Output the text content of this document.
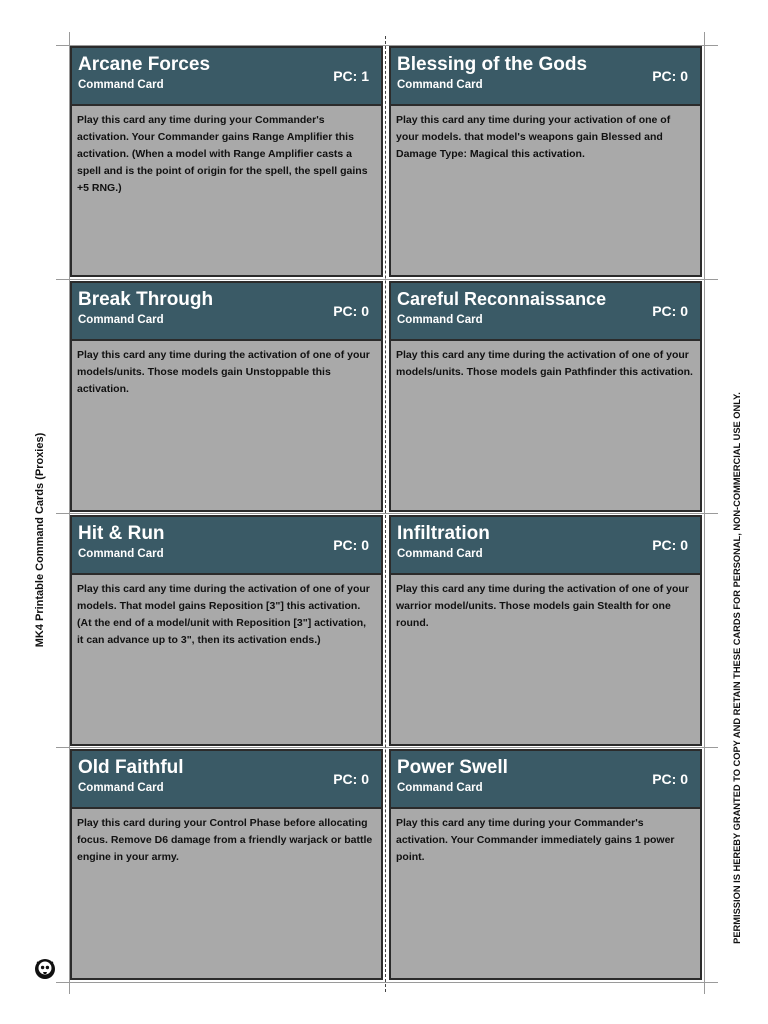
Arcane Forces
Command Card
PC: 1
Play this card any time during your Commander's activation. Your Commander gains Range Amplifier this activation. (When a model with Range Amplifier casts a spell and is the point of origin for the spell, the spell gains +5 RNG.)
Blessing of the Gods
Command Card
PC: 0
Play this card any time during your activation of one of your models. that model's weapons gain Blessed and Damage Type: Magical this activation.
Break Through
Command Card
PC: 0
Play this card any time during the activation of one of your models/units. Those models gain Unstoppable this activation.
Careful Reconnaissance
Command Card
PC: 0
Play this card any time during the activation of one of your models/units. Those models gain Pathfinder this activation.
Hit & Run
Command Card
PC: 0
Play this card any time during the activation of one of your models. That model gains Reposition [3"] this activation. (At the end of a model/unit with Reposition [3"] activation, it can advance up to 3", then its activation ends.)
Infiltration
Command Card
PC: 0
Play this card any time during the activation of one of your warrior model/units. Those models gain Stealth for one round.
Old Faithful
Command Card
PC: 0
Play this card during your Control Phase before allocating focus. Remove D6 damage from a friendly warjack or battle engine in your army.
Power Swell
Command Card
PC: 0
Play this card any time during your Commander's activation. Your Commander immediately gains 1 power point.
MK4 Printable Command Cards (Proxies)	PERMISSION IS HEREBY GRANTED TO COPY AND RETAIN THESE CARDS FOR PERSONAL, NON-COMMERCIAL USE ONLY.
